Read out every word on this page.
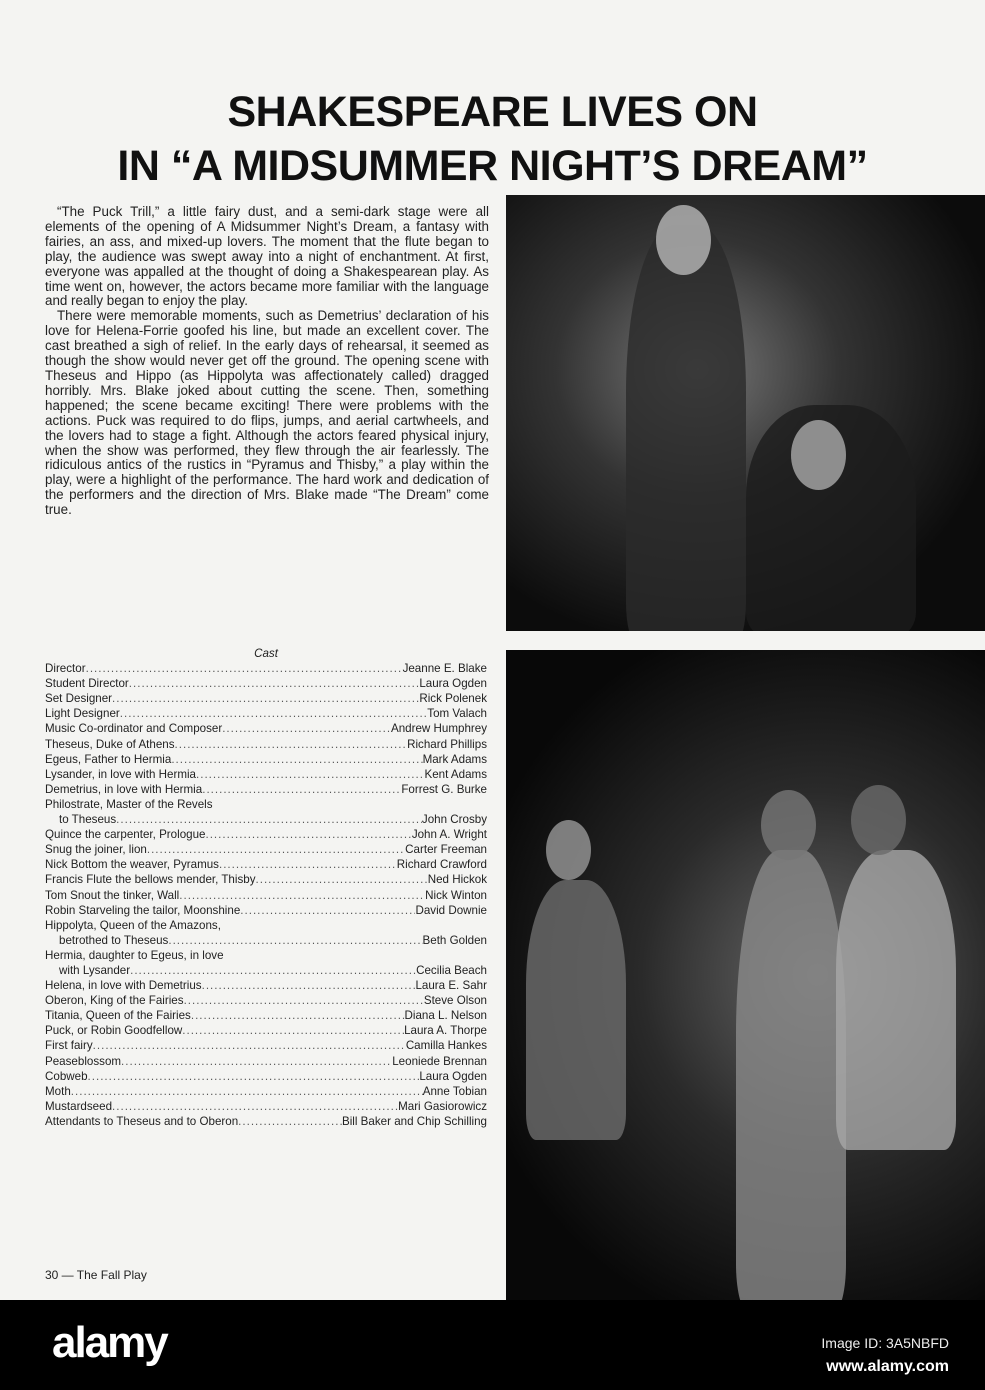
SHAKESPEARE LIVES ON
IN “A MIDSUMMER NIGHT’S DREAM”

“The Puck Trill,” a little fairy dust, and a semi-dark stage were all elements of the opening of A Midsummer Night’s Dream, a fantasy with fairies, an ass, and mixed-up lovers. The moment that the flute began to play, the audience was swept away into a night of enchantment. At first, everyone was appalled at the thought of doing a Shakespearean play. As time went on, however, the actors became more familiar with the language and really began to enjoy the play.

There were memorable moments, such as Demetrius’ declaration of his love for Helena-Forrie goofed his line, but made an excellent cover. The cast breathed a sigh of relief. In the early days of rehearsal, it seemed as though the show would never get off the ground. The opening scene with Theseus and Hippo (as Hippolyta was affectionately called) dragged horribly. Mrs. Blake joked about cutting the scene. Then, something happened; the scene became exciting! There were problems with the actions. Puck was required to do flips, jumps, and aerial cartwheels, and the lovers had to stage a fight. Although the actors feared physical injury, when the show was performed, they flew through the air fearlessly. The ridiculous antics of the rustics in “Pyramus and Thisby,” a play within the play, were a highlight of the performance. The hard work and dedication of the performers and the direction of Mrs. Blake made “The Dream” come true.

Cast
Director .....	Jeanne E. Blake
Student Director .....	Laura Ogden
Set Designer .....	Rick Polenek
Light Designer .....	Tom Valach
Music Co-ordinator and Composer .....	Andrew Humphrey
Theseus, Duke of Athens .....	Richard Phillips
Egeus, Father to Hermia .....	Mark Adams
Lysander, in love with Hermia .....	Kent Adams
Demetrius, in love with Hermia .....	Forrest G. Burke
Philostrate, Master of the Revels
to Theseus .....	John Crosby
Quince the carpenter, Prologue .....	John A. Wright
Snug the joiner, lion .....	Carter Freeman
Nick Bottom the weaver, Pyramus .....	Richard Crawford
Francis Flute the bellows mender, Thisby .....	Ned Hickok
Tom Snout the tinker, Wall .....	Nick Winton
Robin Starveling the tailor, Moonshine .....	David Downie
Hippolyta, Queen of the Amazons,
betrothed to Theseus .....	Beth Golden
Hermia, daughter to Egeus, in love
with Lysander .....	Cecilia Beach
Helena, in love with Demetrius .....	Laura E. Sahr
Oberon, King of the Fairies .....	Steve Olson
Titania, Queen of the Fairies .....	Diana L. Nelson
Puck, or Robin Goodfellow .....	Laura A. Thorpe
First fairy .....	Camilla Hankes
Peaseblossom .....	Leoniede Brennan
Cobweb .....	Laura Ogden
Moth .....	Anne Tobian
Mustardseed .....	Mari Gasiorowicz
Attendants to Theseus and to Oberon .....	Bill Baker and Chip Schilling
30 — The Fall Play
alamy	Image ID: 3A5NBFD
www.alamy.com
